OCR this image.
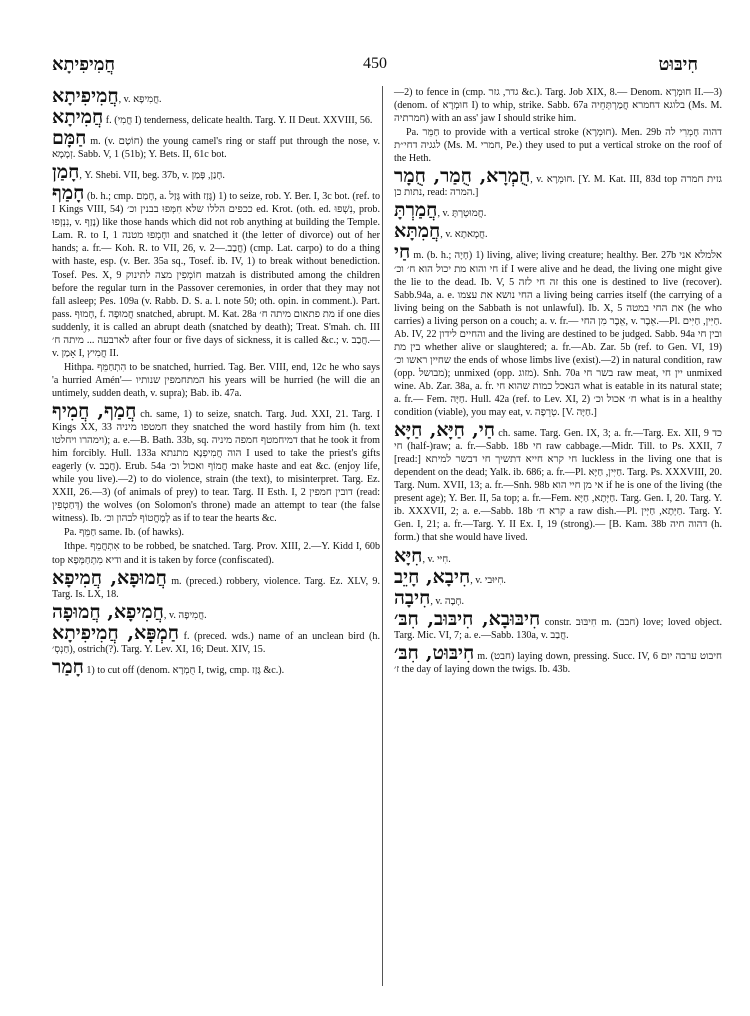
חֲמִיפִיתָא	450	חִיבּוּט
חֲמִיפִיתָא, v. חֲמִיפָא.
חֲמִיתָא f. (חֲמִי I) tenderness, delicate health. Targ. Y. II Deut. XXVIII, 56.
חַמָּם m. (v. חוֹטָם) the young camel's ring or staff put through the nose, v. זְמָמָא. Sabb. V, 1 (51b); Y. Bets. II, 61c bot.
חָמַן, Y. Shebi. VII, beg. 37b, v. חָנַן, פָּמַן.
חָמַף (b. h.; cmp. חָמַם, a. גָּזַל with גָּזַז) 1) to seize, rob. Y. Ber. I, 3c bot. (ref. to I Kings VIII, 54) ככפים הללו שלא חִמְּפוּ בבנין וכ׳ ed. Krot. (oth. ed. נִשְׁפוּ, prob. נִנְזְפוּ, v. נָזַף) like those hands which did not rob anything at building the Temple. Lam. R. to I, 1 וחָמְפוּ מטנה and snatched it (the letter of divorce) out of her hands; a. fr.— Koh. R. to VII, 26, v. חֲבַב.—2) (cmp. Lat. carpo) to do a thing with haste, esp. (v. Ber. 35a sq., Tosef. ib. IV, 1) to break without benediction. Tosef. Pes. X, 9 חוֹמְפִין מצה לתינוק matzah is distributed among the children before the regular turn in the Passover ceremonies, in order that they may not fall asleep; Pes. 109a (v. Rabb. D. S. a. l. note 50; oth. opin. in comment.). Part. pass. חָמוּף, f. חֲמוּפָה snatched, abrupt. M. Kat. 28a מת פתאום מיתה ח׳ if one dies suddenly, it is called an abrupt death (snatched by death); Treat. S'mah. ch. III לארבעה ... מיתה ח׳ after four or five days of sickness, it is called &c.; v. חֲבַב.— v. אָמַן I, חֲמִיץ II.
Hithpa. הִתְחַמֵּף to be snatched, hurried. Tag. Ber. VIII, end, 12c he who says 'a hurried Amén'— המתחמפין שנותיו his years will be hurried (he will die an untimely, sudden death, v. supra); Bab. ib. 47a.
חֲמַף, חֲמִיף ch. same, 1) to seize, snatch. Targ. Jud. XXI, 21. Targ. I Kings XX, 33 חמטפו מיניה they snatched the word hastily from him (h. text וימהרו ויחלטו); a. e.—B. Bath. 33b, sq. דמיחמטף חמפה מיניה that he took it from him forcibly. Hull. 133a הוה חֲמִיפְנָא מתנתא I used to take the priest's gifts eagerly (v. חֲבַב). Erub. 54a חֲמוֹף ואכול וכ׳ make haste and eat &c. (enjoy life, while you live).—2) to do violence, strain (the text), to misinterpret. Targ. Ez. XXII, 26.—3) (of animals of prey) to tear. Targ. II Esth. I, 2 דובין חמפין (read: דְּחַטְפִין) the wolves (on Solomon's throne) made an attempt to tear (the false witness). Ib. לְמֶחֱטוֹף לבהון וכ׳ as if to tear the hearts &c.
Pa. חַמֵּף same. Ib. (of hawks).
Ithpe. אִתְחֲמֵף to be robbed, be snatched. Targ. Prov. XIII, 2.—Y. Kidd I, 60b top ודיא מִתְחַמְּפָא and it is taken by force (confiscated).
חֲמוּפָא, חֲמִיפָא m. (preced.) robbery, violence. Targ. Ez. XLV, 9. Targ. Is. LX, 18.
חֲמִיפָא, חֲמוּפָה, v. חֲמִיפָה.
חַמְפָּא, חֲמִיפִיתָא f. (preced. wds.) name of an unclean bird (h. חַנְסְ׳), ostrich(?). Targ. Y. Lev. XI, 16; Deut. XIV, 15.
חָמַר 1) to cut off (denom. חֻמְרָא I, twig, cmp. גָּזַז &c.).
—2) to fence in (cmp. גדר, גזר &c.). Targ. Job XIX, 8.— Denom. חוּמְרָא II.—3) (denom. of חוּמְרָא I) to whip, strike. Sabb. 67a בלוגא דחמרא חֲמַרְתְּחֵיה (Ms. M. חמרתיה) with an ass' jaw I should strike him.
Pa. חַמֵּר to provide with a vertical stroke (חוּמְרָא). Men. 29b דהוה חָמְרִי לה לגגיה דחי״ת (Ms. M. חמרי, Pe.) they used to put a vertical stroke on the roof of the Heth.
חֻמְרָא, חֻמַר, חֻמָר, v. חוּמְרָא. [Y. M. Kat. III, 83d top גזית חמרה נתות כן, read: המרה.]
חֲמַרְתָּ, v. חֲמוּטְרְתָּ.
חֲמִתָּא, v. חֲמָאתָא.
חַי m. (b. h.; חָיָה) 1) living, alive; living creature; healthy. Ber. 27b אלמלא אני חי והוא מת יכול הוא ח׳ וכ׳ if I were alive and he dead, the living one might give the lie to the dead. Ib. V, 5 זה חי לזה this one is destined to live (recover). Sabb.94a, a. e. החי נושא את עצמו a living being carries itself (the carrying of a living being on the Sabbath is not unlawful). Ib. X, 5 את החי במטה (he who carries) a living person on a couch; a. v. fr.— אֵבֶר מִן החי, v. אֵבֶר.—Pl. חַיִּין, חַיִּים. Ab. IV, 22 והחיים לידון and the living are destined to be judged. Sabb. 94a ובין חי בין מת whether alive or slaughtered; a. fr.—Ab. Zar. 5b (ref. to Gen. VI, 19) שחיין ראשו וכ׳ the ends of whose limbs live (exist).—2) in natural condition, raw (opp. מבושל); unmixed (opp. מזוג). Snh. 70a בשר חי raw meat, יין חי unmixed wine. Ab. Zar. 38a, a. fr. הנאכל כמות שהוא חי what is eatable in its natural state; a. fr.— Fem. חַיָּה. Hull. 42a (ref. to Lev. XI, 2) ח׳ אכול וכ׳ what is in a healthy condition (viable), you may eat, v. טְרֵפָה. [V. חַיָּה.]
חַי, חַיָּא, חַיָּא ch. same. Targ. Gen. IX, 3; a. fr.—Targ. Ex. XII, 9 כד חי (half-)raw; a. fr.—Sabb. 18b חי raw cabbage.—Midr. Till. to Ps. XXII, 7 [read:] חי קרא חייא דתשיך חי דבשר למיתא luckless in the living one that is dependent on the dead; Yalk. ib. 686; a. fr.—Pl. חַיִּין, חַיָּא. Targ. Ps. XXXVIII, 20. Targ. Num. XVII, 13; a. fr.—Snh. 98b אי מן חיי הוא if he is one of the living (the present age); Y. Ber. II, 5a top; a. fr.—Fem. חַיְּתָא, חַיָּא. Targ. Gen. I, 20. Targ. Y. ib. XXXVII, 2; a. e.—Sabb. 18b קרא ח׳ a raw dish.—Pl. חַיְּתָא, חַיְּין. Targ. Y. Gen. I, 21; a. fr.—Targ. Y. II Ex. I, 19 (strong).— [B. Kam. 38b דהוה חיה (h. form.) that she would have lived.
חִיָּא, v. חִיּי.
חִיבָא, חָיֵב, v. חִיּוּבי.
חִיבָה, v. חָבָה.
חִיבּוּבָא, חִיבּוּב, חִבּ׳ constr. חִיבּוּב m. (חבב) love; loved object. Targ. Mic. VI, 7; a. e.—Sabb. 130a, v. חֲבַב.
חִיבּוּט, חִבּ׳ m. (חבט) laying down, pressing. Succ. IV, 6 חיבוט ערבה יום ז׳ the day of laying down the twigs. Ib. 43b.
